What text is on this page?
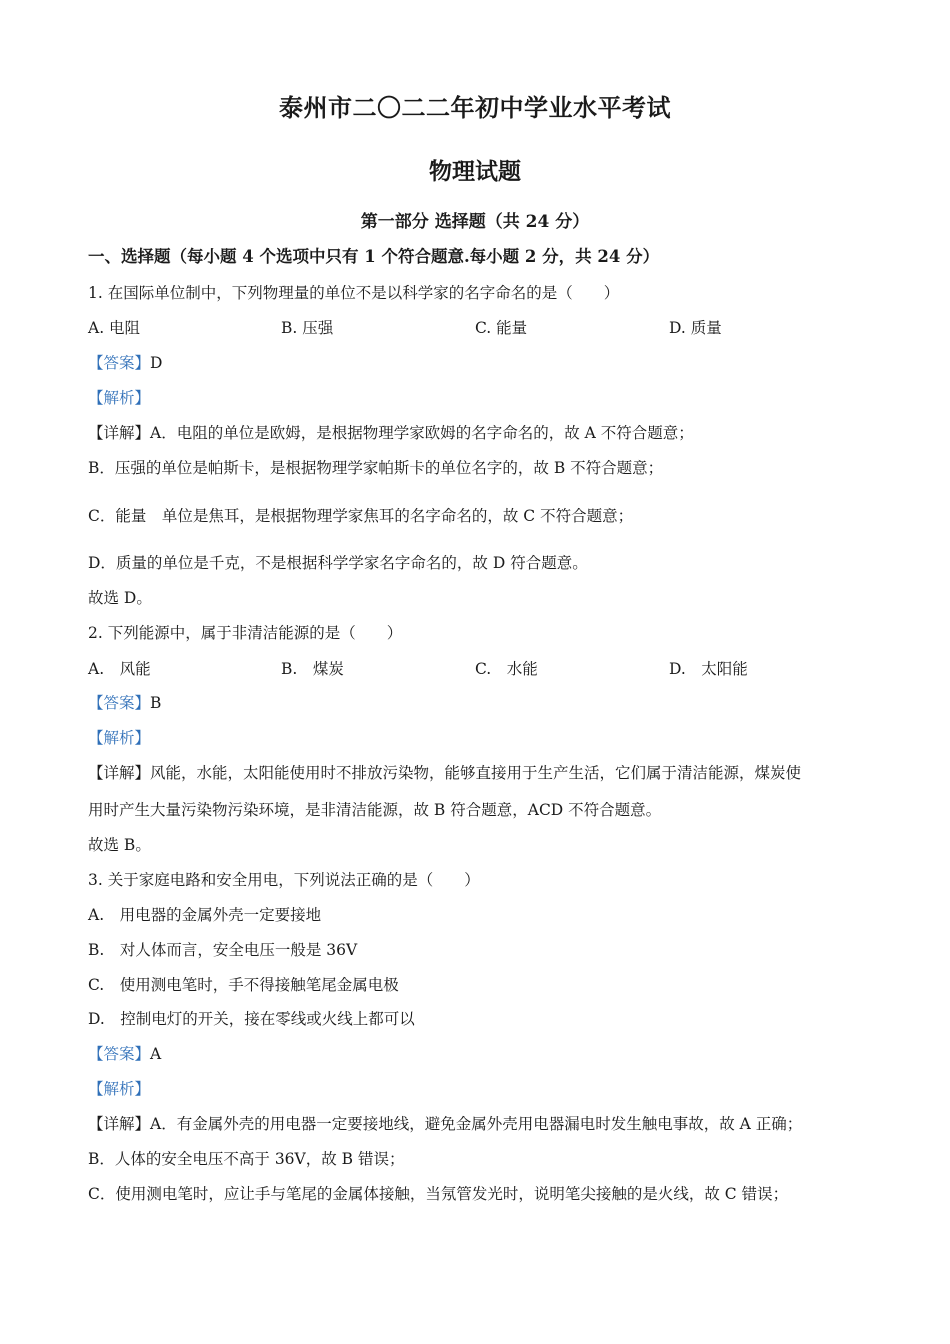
泰州市二〇二二年初中学业水平考试
物理试题
第一部分 选择题（共 24 分）
一、选择题（每小题 4 个选项中只有 1 个符合题意.每小题 2 分，共 24 分）
1. 在国际单位制中，下列物理量的单位不是以科学家的名字命名的是（　　）
A. 电阻	B. 压强	C. 能量	D. 质量
【答案】D
【解析】
【详解】A．电阻的单位是欧姆，是根据物理学家欧姆的名字命名的，故 A 不符合题意；
B．压强的单位是帕斯卡，是根据物理学家帕斯卡的单位名字的，故 B 不符合题意；
C．能量　单位是焦耳，是根据物理学家焦耳的名字命名的，故 C 不符合题意；
D．质量的单位是千克，不是根据科学学家名字命名的，故 D 符合题意。
故选 D。
2. 下列能源中，属于非清洁能源的是（　　）
A.　风能	B.　煤炭	C.　水能	D.　太阳能
【答案】B
【解析】
【详解】风能，水能，太阳能使用时不排放污染物，能够直接用于生产生活，它们属于清洁能源，煤炭使
用时产生大量污染物污染环境，是非清洁能源，故 B 符合题意，ACD 不符合题意。
故选 B。
3. 关于家庭电路和安全用电，下列说法正确的是（　　）
A.　用电器的金属外壳一定要接地
B.　对人体而言，安全电压一般是 36V
C.　使用测电笔时，手不得接触笔尾金属电极
D.　控制电灯的开关，接在零线或火线上都可以
【答案】A
【解析】
【详解】A．有金属外壳的用电器一定要接地线，避免金属外壳用电器漏电时发生触电事故，故 A 正确；
B．人体的安全电压不高于 36V，故 B 错误；
C．使用测电笔时，应让手与笔尾的金属体接触，当氖管发光时，说明笔尖接触的是火线，故 C 错误；
